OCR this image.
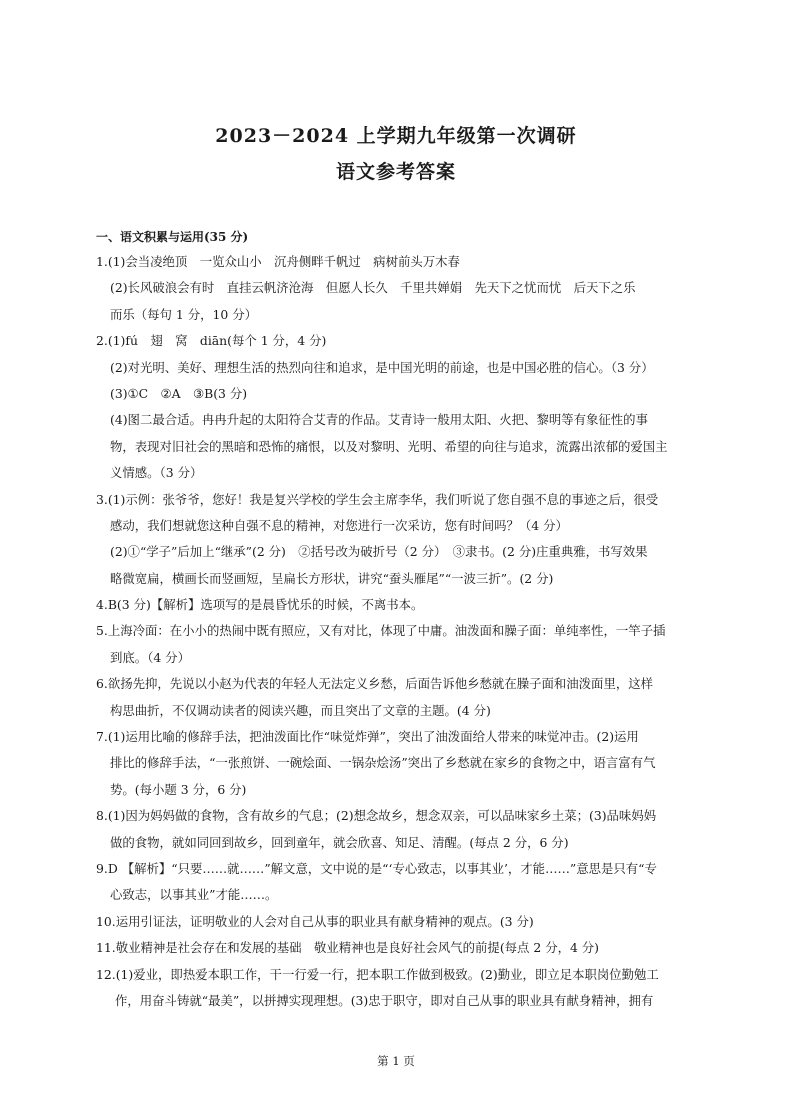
2023－2024 上学期九年级第一次调研
语文参考答案
一、语文积累与运用(35 分)
1.(1)会当凌绝顶　一览众山小　沉舟侧畔千帆过　病树前头万木春
(2)长风破浪会有时　直挂云帆济沧海　但愿人长久　千里共婵娟　先天下之忧而忧　后天下之乐
而乐（每句 1 分，10 分）
2.(1)fú　翅　窝　diān(每个 1 分，4 分)
(2)对光明、美好、理想生活的热烈向往和追求，是中国光明的前途，也是中国必胜的信心。（3 分）
(3)①C　②A　③B(3 分)
(4)图二最合适。冉冉升起的太阳符合艾青的作品。艾青诗一般用太阳、火把、黎明等有象征性的事
物，表现对旧社会的黑暗和恐怖的痛恨，以及对黎明、光明、希望的向往与追求，流露出浓郁的爱国主
义情感。（3 分）
3.(1)示例：张爷爷，您好！我是复兴学校的学生会主席李华，我们听说了您自强不息的事迹之后，很受
感动，我们想就您这种自强不息的精神，对您进行一次采访，您有时间吗？（4 分）
(2)①“学子”后加上“继承”(2 分)　②括号改为破折号（2 分）　③隶书。(2 分)庄重典雅，书写效果
略微宽扁，横画长而竖画短，呈扁长方形状，讲究“蚕头雁尾”“一波三折”。(2 分)
4.B(3 分)【解析】选项写的是晨昏忧乐的时候，不离书本。
5.上海冷面：在小小的热闹中既有照应，又有对比，体现了中庸。油泼面和臊子面：单纯率性，一竿子插
到底。（4 分）
6.欲扬先抑，先说以小赵为代表的年轻人无法定义乡愁，后面告诉他乡愁就在臊子面和油泼面里，这样
构思曲折，不仅调动读者的阅读兴趣，而且突出了文章的主题。(4 分)
7.(1)运用比喻的修辞手法，把油泼面比作“味觉炸弹”，突出了油泼面给人带来的味觉冲击。(2)运用
排比的修辞手法，“一张煎饼、一碗烩面、一锅杂烩汤”突出了乡愁就在家乡的食物之中，语言富有气
势。(每小题 3 分，6 分)
8.(1)因为妈妈做的食物，含有故乡的气息；(2)想念故乡，想念双亲，可以品味家乡土菜；(3)品味妈妈
做的食物，就如同回到故乡，回到童年，就会欣喜、知足、清醒。(每点 2 分，6 分)
9.D 【解析】“只要……就……”解文意，文中说的是“‘专心致志，以事其业’，才能……”意思是只有“专
心致志，以事其业”才能……。
10.运用引证法，证明敬业的人会对自己从事的职业具有献身精神的观点。(3 分)
11.敬业精神是社会存在和发展的基础　敬业精神也是良好社会风气的前提(每点 2 分，4 分)
12.(1)爱业，即热爱本职工作，干一行爱一行，把本职工作做到极致。(2)勤业，即立足本职岗位勤勉工
作，用奋斗铸就“最美”，以拼搏实现理想。(3)忠于职守，即对自己从事的职业具有献身精神，拥有
第 1 页
